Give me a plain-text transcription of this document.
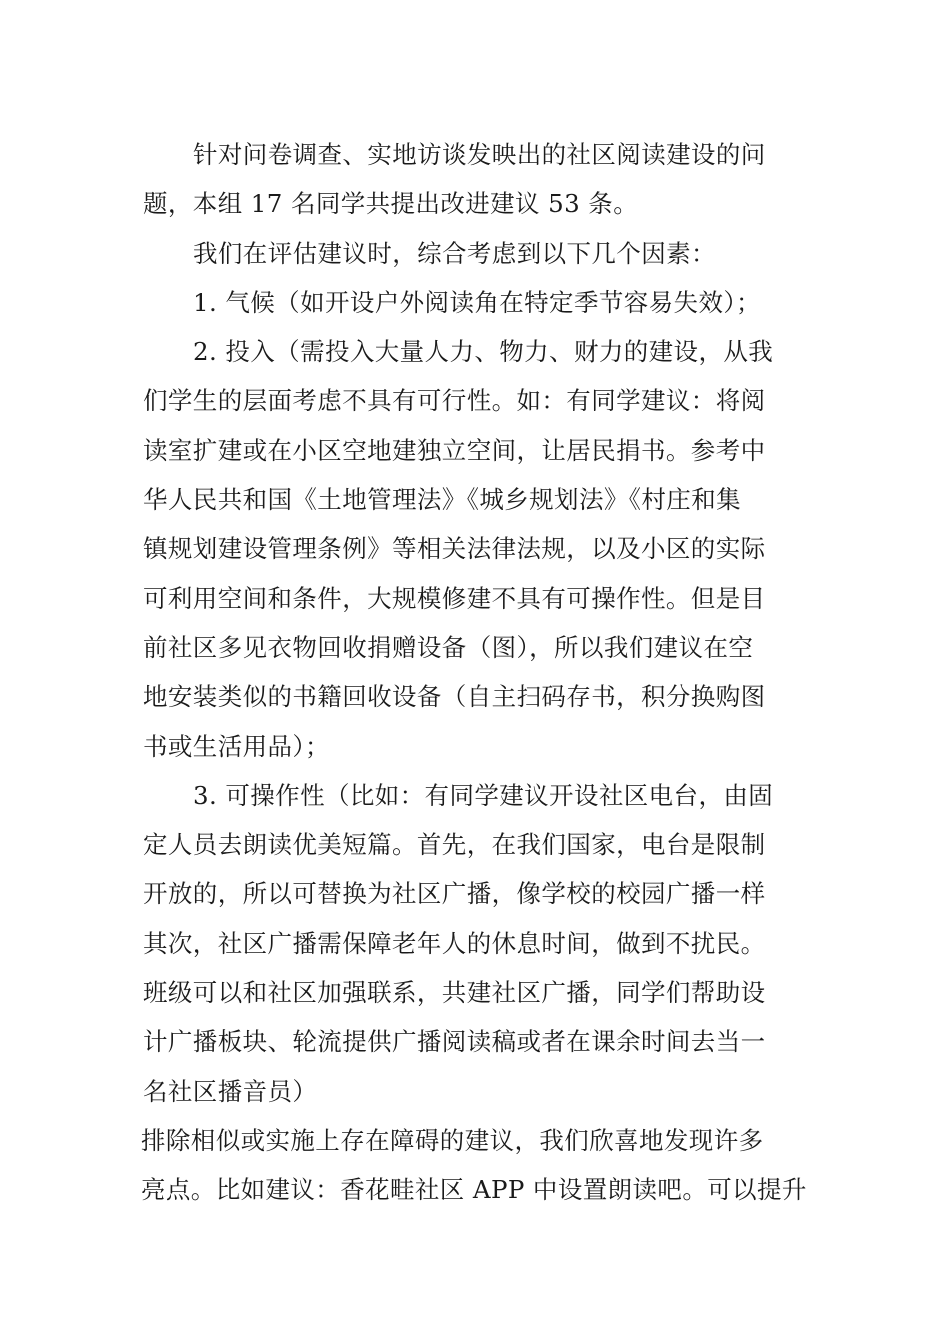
针对问卷调查、实地访谈发映出的社区阅读建设的问
题，本组 17 名同学共提出改进建议 53 条。
我们在评估建议时，综合考虑到以下几个因素：
1. 气候（如开设户外阅读角在特定季节容易失效）；
2. 投入（需投入大量人力、物力、财力的建设，从我
们学生的层面考虑不具有可行性。如：有同学建议：将阅
读室扩建或在小区空地建独立空间，让居民捐书。参考中
华人民共和国《土地管理法》《城乡规划法》《村庄和集
镇规划建设管理条例》等相关法律法规，以及小区的实际
可利用空间和条件，大规模修建不具有可操作性。但是目
前社区多见衣物回收捐赠设备（图），所以我们建议在空
地安装类似的书籍回收设备（自主扫码存书，积分换购图
书或生活用品）；
3. 可操作性（比如：有同学建议开设社区电台，由固
定人员去朗读优美短篇。首先，在我们国家，电台是限制
开放的，所以可替换为社区广播，像学校的校园广播一样
其次，社区广播需保障老年人的休息时间，做到不扰民。
班级可以和社区加强联系，共建社区广播，同学们帮助设
计广播板块、轮流提供广播阅读稿或者在课余时间去当一
名社区播音员）
排除相似或实施上存在障碍的建议，我们欣喜地发现许多
亮点。比如建议：香花畦社区 APP 中设置朗读吧。可以提升
